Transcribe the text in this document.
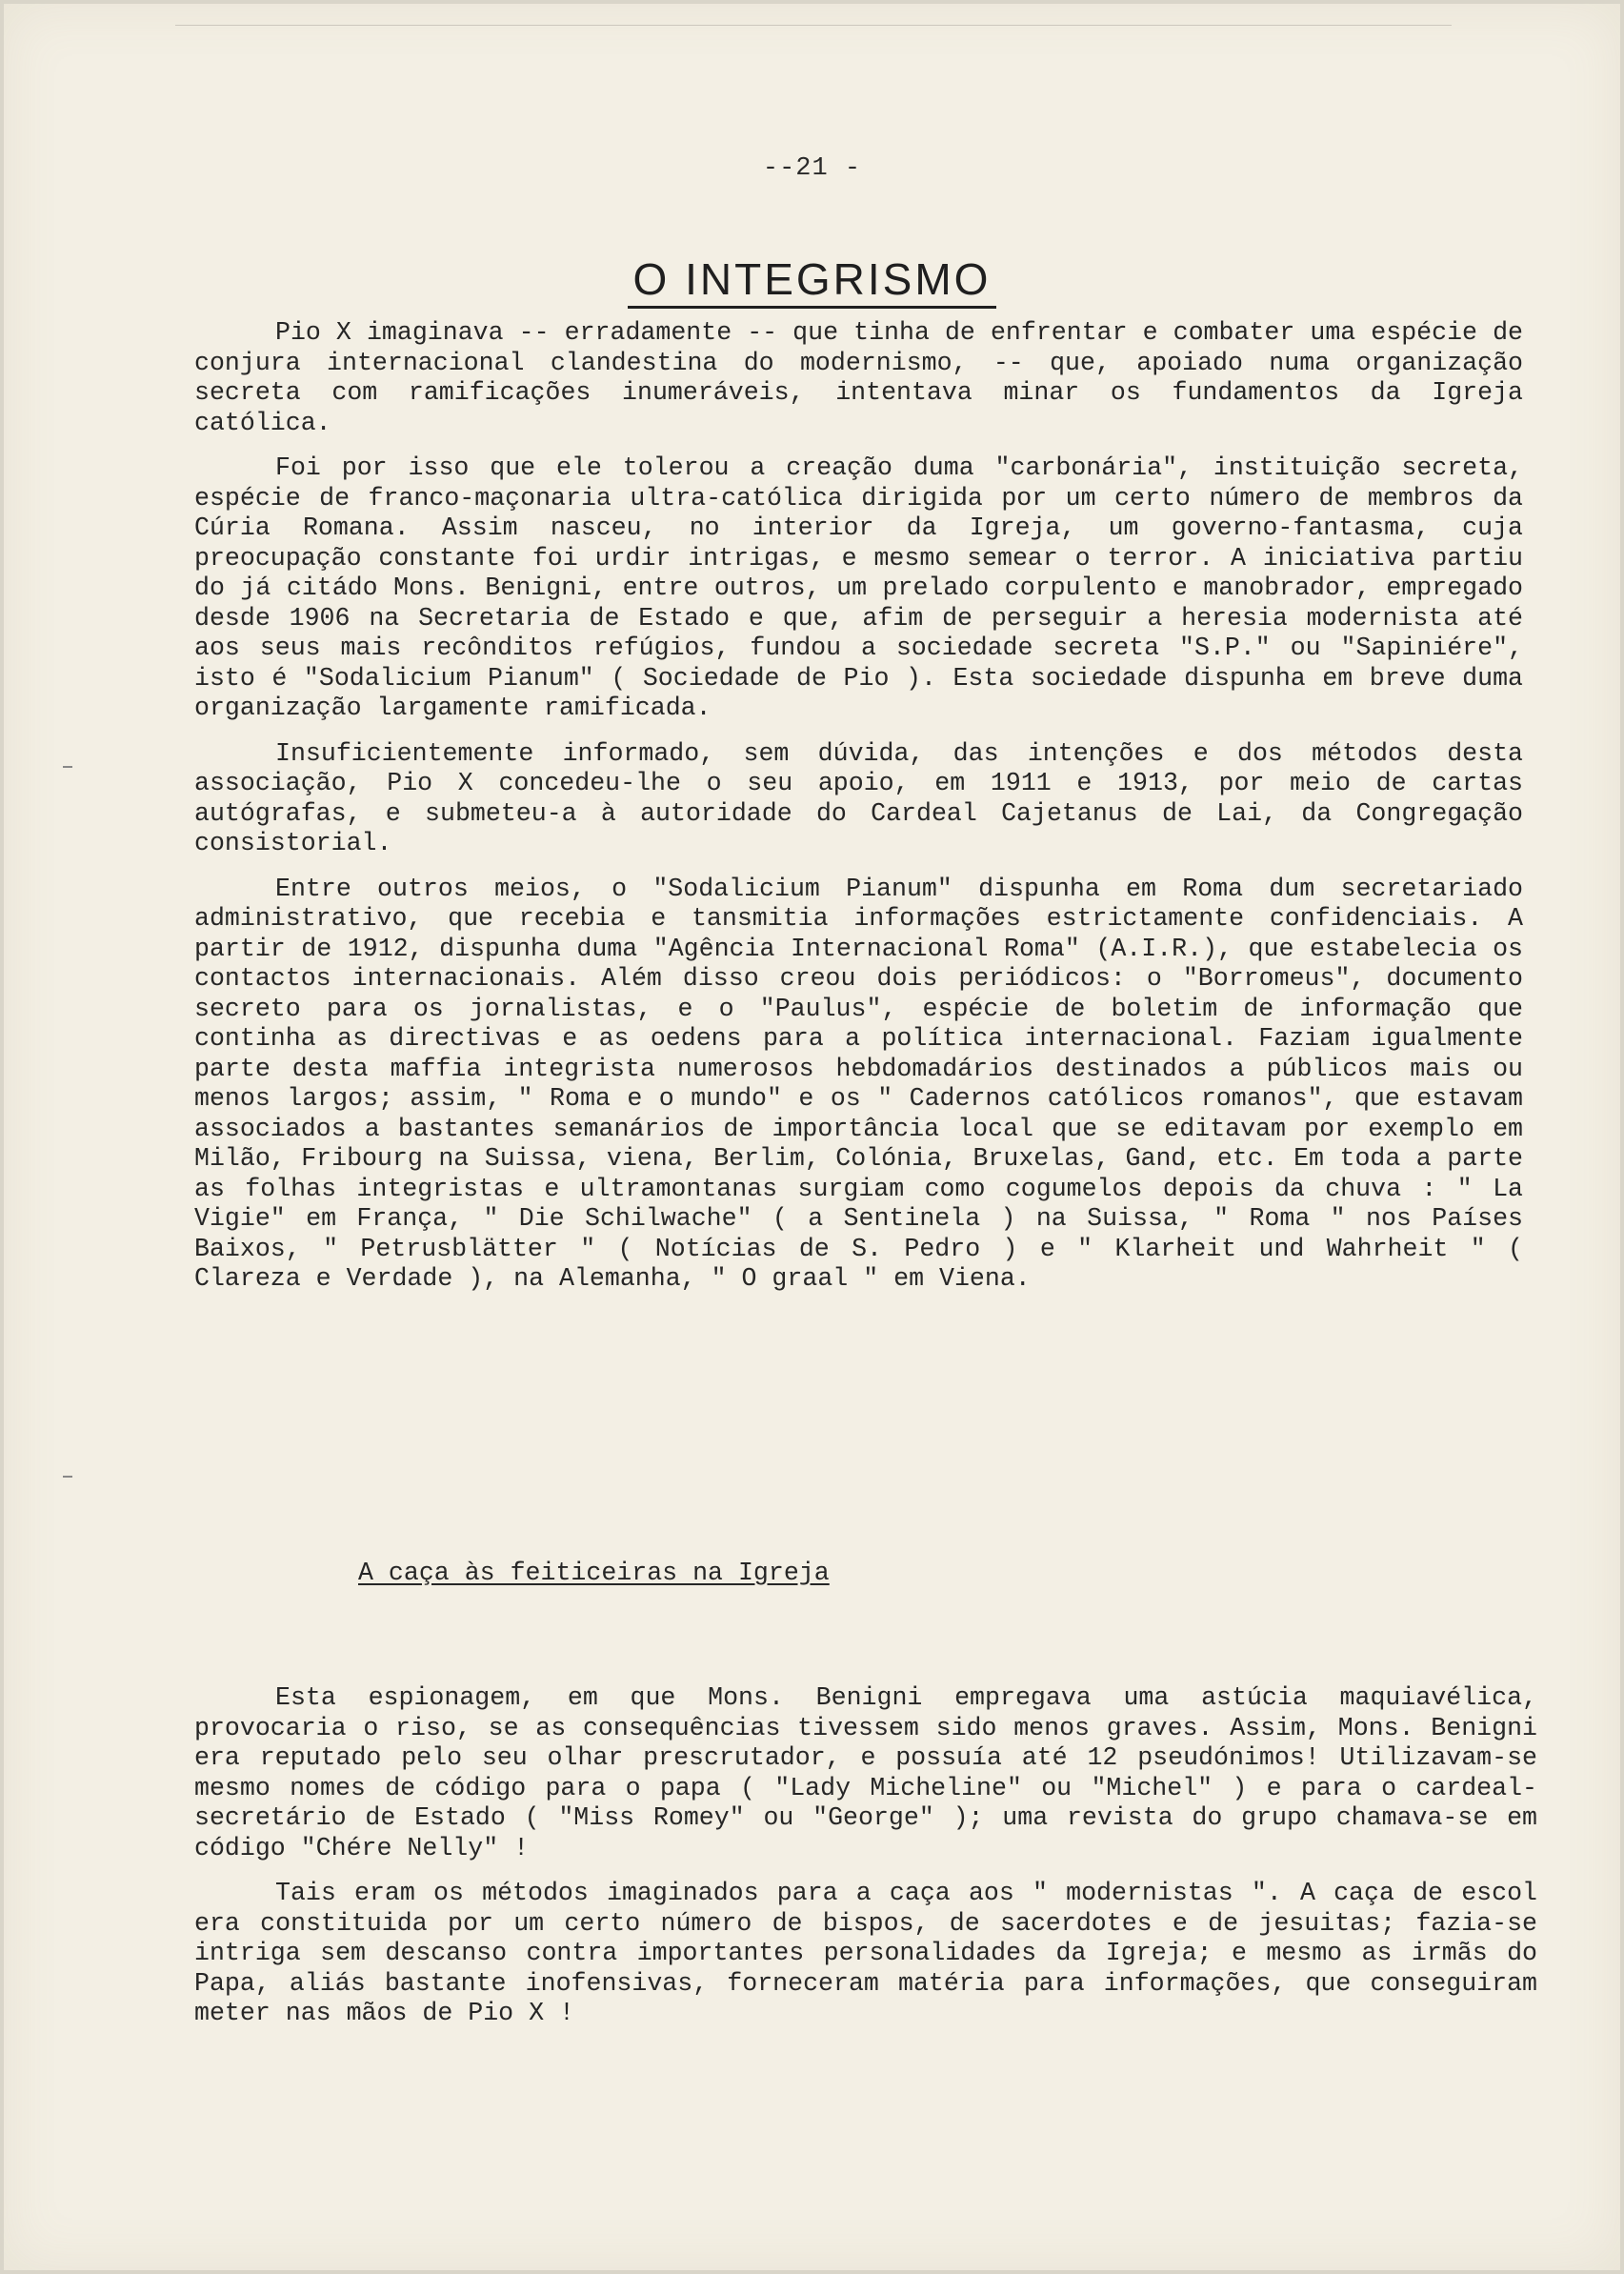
--21 -
O INTEGRISMO

Pio X imaginava -- erradamente -- que tinha de enfrentar e combater uma espécie de conjura internacional clandestina do modernismo, -- que, apoiado numa organização secreta com ramificações inumeráveis, intentava minar os fundamentos da Igreja católica.

Foi por isso que ele tolerou a creação duma "carbonária", instituição secreta, espécie de franco-maçonaria ultra-católica dirigida por um certo número de membros da Cúria Romana. Assim nasceu, no interior da Igreja, um governo-fantasma, cuja preocupação constante foi urdir intrigas, e mesmo semear o terror. A iniciativa partiu do já citádo Mons. Benigni, entre outros, um prelado corpulento e manobrador, empregado desde 1906 na Secretaria de Estado e que, afim de perseguir a heresia modernista até aos seus mais recônditos refúgios, fundou a sociedade secreta "S.P." ou "Sapiniére", isto é "Sodalicium Pianum" ( Sociedade de Pio ). Esta sociedade dispunha em breve duma organização largamente ramificada.

Insuficientemente informado, sem dúvida, das intenções e dos métodos desta associação, Pio X concedeu-lhe o seu apoio, em 1911 e 1913, por meio de cartas autógrafas, e submeteu-a à autoridade do Cardeal Cajetanus de Lai, da Congregação consistorial.

Entre outros meios, o "Sodalicium Pianum" dispunha em Roma dum secretariado administrativo, que recebia e tansmitia informações estrictamente confidenciais. A partir de 1912, dispunha duma "Agência Internacional Roma" (A.I.R.), que estabelecia os contactos internacionais. Além disso creou dois periódicos: o "Borromeus", documento secreto para os jornalistas, e o "Paulus", espécie de boletim de informação que continha as directivas e as oedens para a política internacional. Faziam igualmente parte desta maffia integrista numerosos hebdomadários destinados a públicos mais ou menos largos; assim, " Roma e o mundo" e os " Cadernos católicos romanos", que estavam associados a bastantes semanários de importância local que se editavam por exemplo em Milão, Fribourg na Suissa, viena, Berlim, Colónia, Bruxelas, Gand, etc. Em toda a parte as folhas integristas e ultramontanas surgiam como cogumelos depois da chuva : " La Vigie" em França, " Die Schilwache" ( a Sentinela ) na Suissa, " Roma " nos Países Baixos, " Petrusblätter " ( Notícias de S. Pedro ) e " Klarheit und Wahrheit " ( Clareza e Verdade ), na Alemanha, " O graal " em Viena.

A caça às feiticeiras na Igreja

Esta espionagem, em que Mons. Benigni empregava uma astúcia maquiavélica, provocaria o riso, se as consequências tivessem sido menos graves. Assim, Mons. Benigni era reputado pelo seu olhar prescrutador, e possuía até 12 pseudónimos! Utilizavam-se mesmo nomes de código para o papa ( "Lady Micheline" ou "Michel" ) e para o cardeal-secretário de Estado ( "Miss Romey" ou "George" ); uma revista do grupo chamava-se em código "Chére Nelly" !

Tais eram os métodos imaginados para a caça aos " modernistas ". A caça de escol era constituida por um certo número de bispos, de sacerdotes e de jesuitas; fazia-se intriga sem descanso contra importantes personalidades da Igreja; e mesmo as irmãs do Papa, aliás bastante inofensivas, forneceram matéria para informações, que conseguiram meter nas mãos de Pio X !
